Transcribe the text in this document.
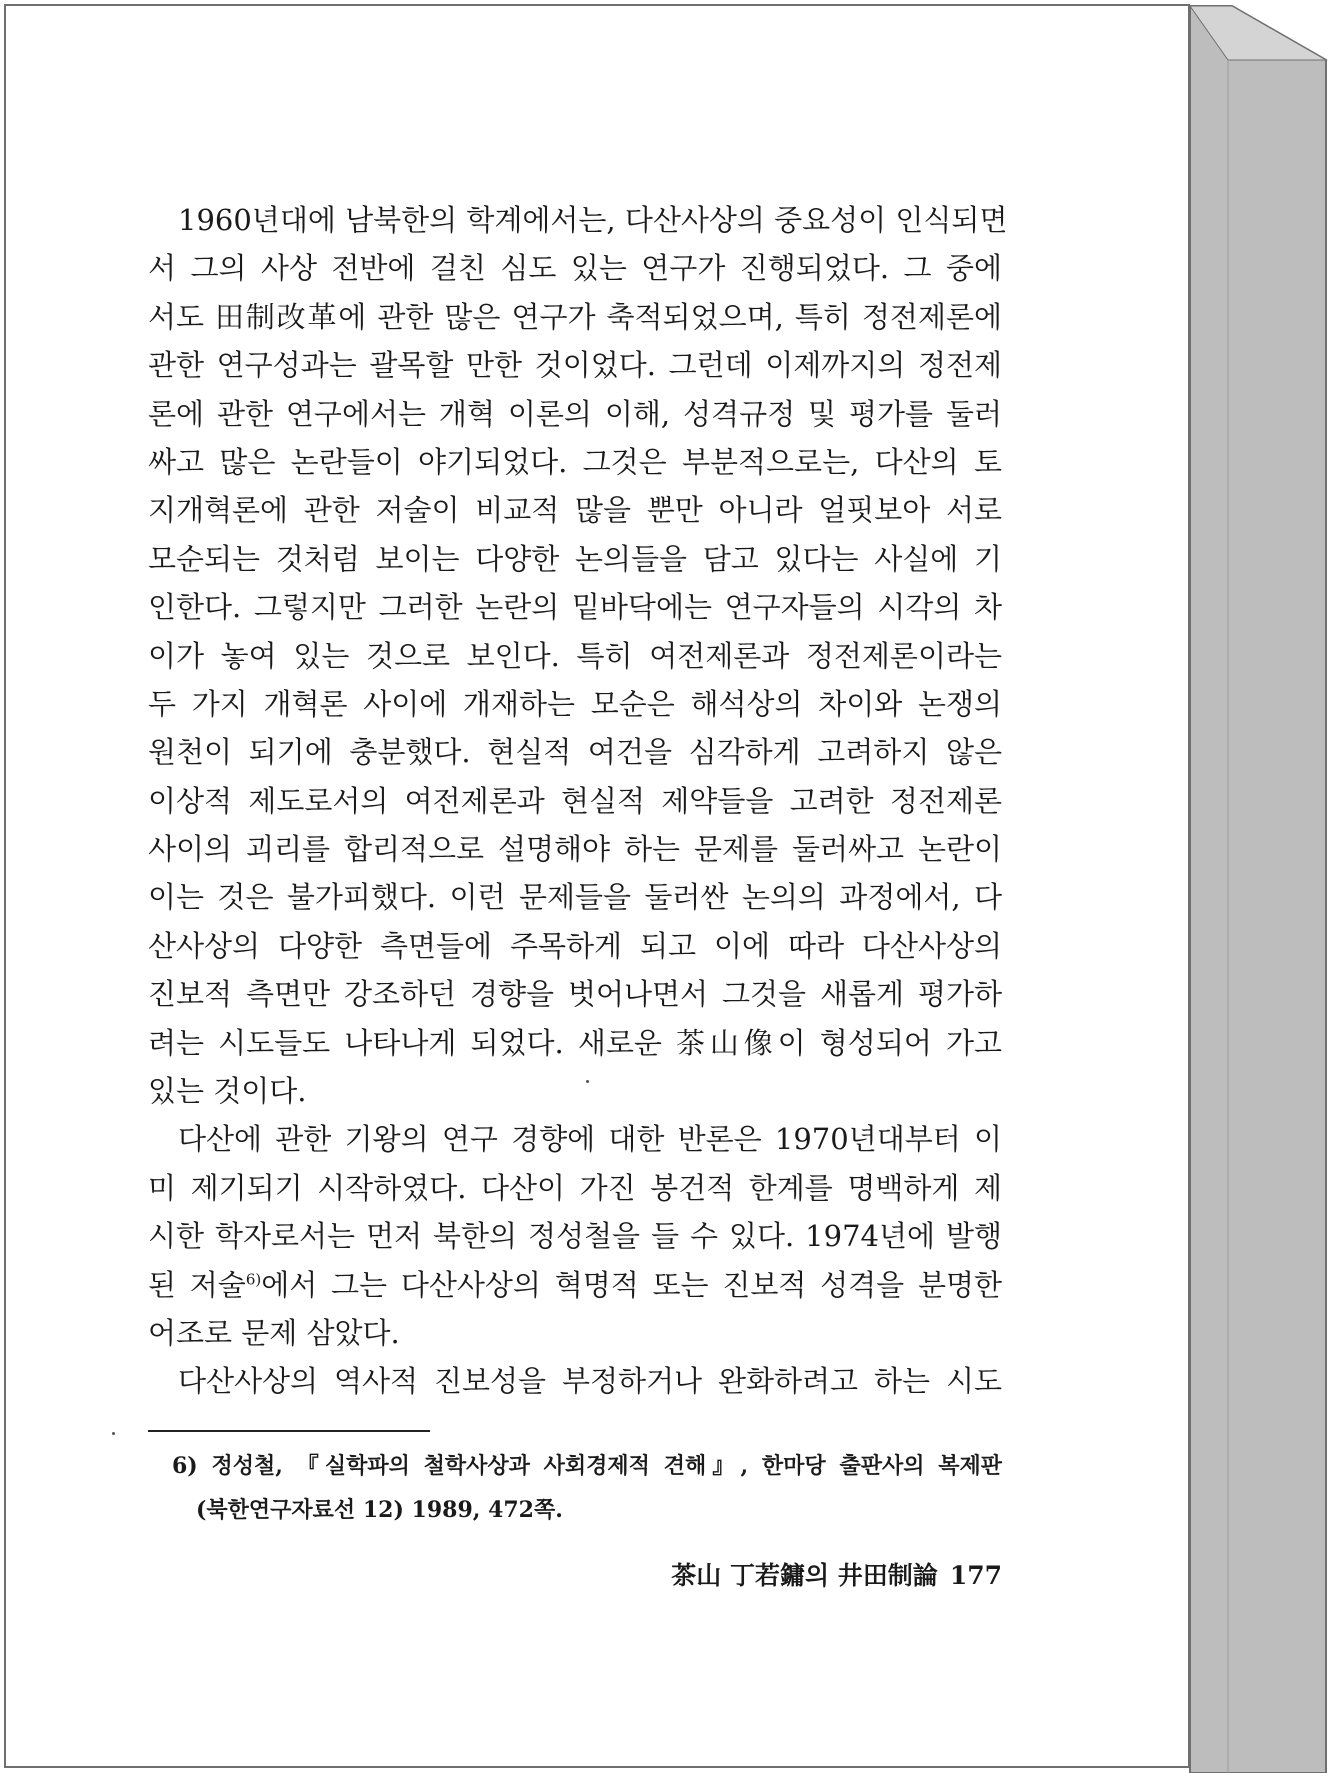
1960년대에 남북한의 학계에서는, 다산사상의 중요성이 인식되면
서 그의 사상 전반에 걸친 심도 있는 연구가 진행되었다. 그 중에
서도 田制改革에 관한 많은 연구가 축적되었으며, 특히 정전제론에
관한 연구성과는 괄목할 만한 것이었다. 그런데 이제까지의 정전제
론에 관한 연구에서는 개혁 이론의 이해, 성격규정 및 평가를 둘러
싸고 많은 논란들이 야기되었다. 그것은 부분적으로는, 다산의 토
지개혁론에 관한 저술이 비교적 많을 뿐만 아니라 얼핏보아 서로
모순되는 것처럼 보이는 다양한 논의들을 담고 있다는 사실에 기
인한다. 그렇지만 그러한 논란의 밑바닥에는 연구자들의 시각의 차
이가 놓여 있는 것으로 보인다. 특히 여전제론과 정전제론이라는
두 가지 개혁론 사이에 개재하는 모순은 해석상의 차이와 논쟁의
원천이 되기에 충분했다. 현실적 여건을 심각하게 고려하지 않은
이상적 제도로서의 여전제론과 현실적 제약들을 고려한 정전제론
사이의 괴리를 합리적으로 설명해야 하는 문제를 둘러싸고 논란이
이는 것은 불가피했다. 이런 문제들을 둘러싼 논의의 과정에서, 다
산사상의 다양한 측면들에 주목하게 되고 이에 따라 다산사상의
진보적 측면만 강조하던 경향을 벗어나면서 그것을 새롭게 평가하
려는 시도들도 나타나게 되었다. 새로운 茶山像이 형성되어 가고
있는 것이다.
다산에 관한 기왕의 연구 경향에 대한 반론은 1970년대부터 이
미 제기되기 시작하였다. 다산이 가진 봉건적 한계를 명백하게 제
시한 학자로서는 먼저 북한의 정성철을 들 수 있다. 1974년에 발행
된 저술$^{6)}$에서 그는 다산사상의 혁명적 또는 진보적 성격을 분명한
어조로 문제 삼았다.
다산사상의 역사적 진보성을 부정하거나 완화하려고 하는 시도
6) 정성철, 『실학파의 철학사상과 사회경제적 견해』, 한마당 출판사의 복제판
(북한연구자료선 12) 1989, 472쪽.
茶山 丁若鏞의 井田制論 177
